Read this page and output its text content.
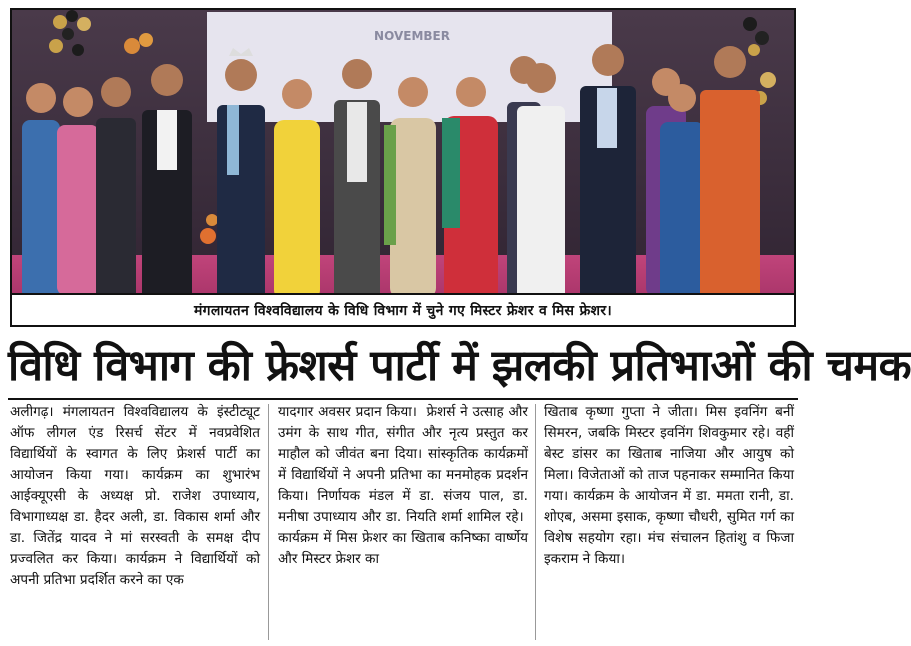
NOVEMBER
मंगलायतन विश्वविद्यालय के विधि विभाग में चुने गए मिस्टर फ्रेशर व मिस फ्रेशर।
विधि विभाग की फ्रेशर्स पार्टी में झलकी प्रतिभाओं की चमक

अलीगढ़। मंगलायतन विश्वविद्यालय के इंस्टीट्यूट ऑफ लीगल एंड रिसर्च सेंटर में नवप्रवेशित विद्यार्थियों के स्वागत के लिए फ्रेशर्स पार्टी का आयोजन किया गया। कार्यक्रम का शुभारंभ आईक्यूएसी के अध्यक्ष प्रो. राजेश उपाध्याय, विभागाध्यक्ष डा. हैदर अली, डा. विकास शर्मा और डा. जितेंद्र यादव ने मां सरस्वती के समक्ष दीप प्रज्वलित कर किया। कार्यक्रम ने विद्यार्थियों को अपनी प्रतिभा प्रदर्शित करने का एक

यादगार अवसर प्रदान किया।  फ्रेशर्स ने उत्साह और उमंग के साथ गीत, संगीत और नृत्य प्रस्तुत कर माहौल को जीवंत बना दिया। सांस्कृतिक कार्यक्रमों में विद्यार्थियों ने अपनी प्रतिभा का मनमोहक प्रदर्शन किया। निर्णायक मंडल में डा. संजय पाल, डा. मनीषा उपाध्याय और डा. नियति शर्मा शामिल रहे।  कार्यक्रम में मिस फ्रेशर का खिताब कनिष्का वार्ष्णेय और मिस्टर फ्रेशर का

खिताब कृष्णा गुप्ता ने जीता। मिस इवनिंग बनीं सिमरन, जबकि मिस्टर इवनिंग शिवकुमार रहे। वहीं बेस्ट डांसर का खिताब नाजिया और आयुष को मिला। विजेताओं को ताज पहनाकर सम्मानित किया गया। कार्यक्रम के आयोजन में डा. ममता रानी, डा. शोएब, असमा इसाक, कृष्णा चौधरी, सुमित गर्ग का विशेष सहयोग रहा। मंच संचालन हितांशु व फिजा इकराम ने किया।
